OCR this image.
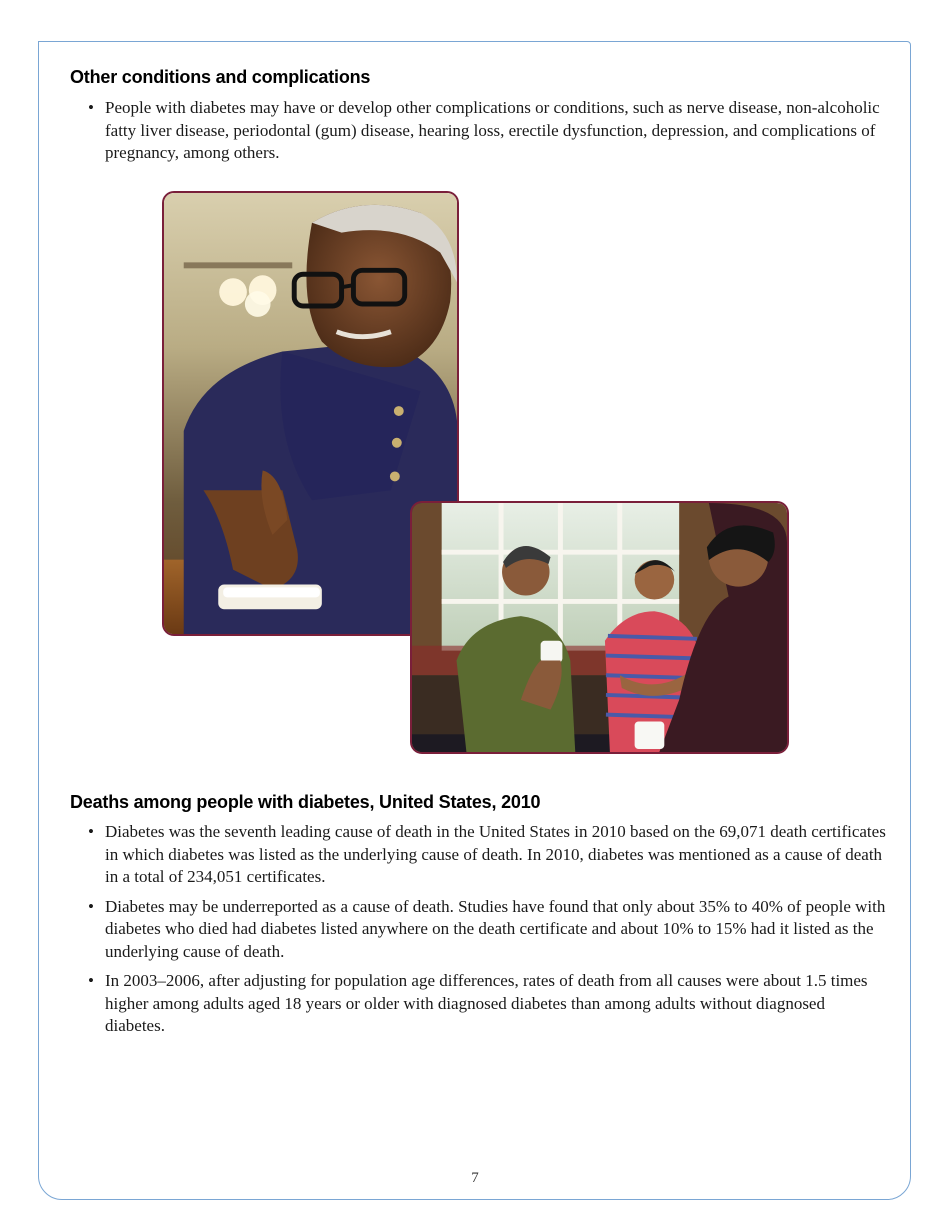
Other conditions and complications
• People with diabetes may have or develop other complications or conditions, such as nerve disease, non-alcoholic fatty liver disease, periodontal (gum) disease, hearing loss, erectile dysfunction, depression, and complications of pregnancy, among others.
Deaths among people with diabetes, United States, 2010
• Diabetes was the seventh leading cause of death in the United States in 2010 based on the 69,071 death certificates in which diabetes was listed as the underlying cause of death. In 2010, diabetes was mentioned as a cause of death in a total of 234,051 certificates.
• Diabetes may be underreported as a cause of death. Studies have found that only about 35% to 40% of people with diabetes who died had diabetes listed anywhere on the death certificate and about 10% to 15% had it listed as the underlying cause of death.
• In 2003–2006, after adjusting for population age differences, rates of death from all causes were about 1.5 times higher among adults aged 18 years or older with diagnosed diabetes than among adults without diagnosed diabetes.
7
